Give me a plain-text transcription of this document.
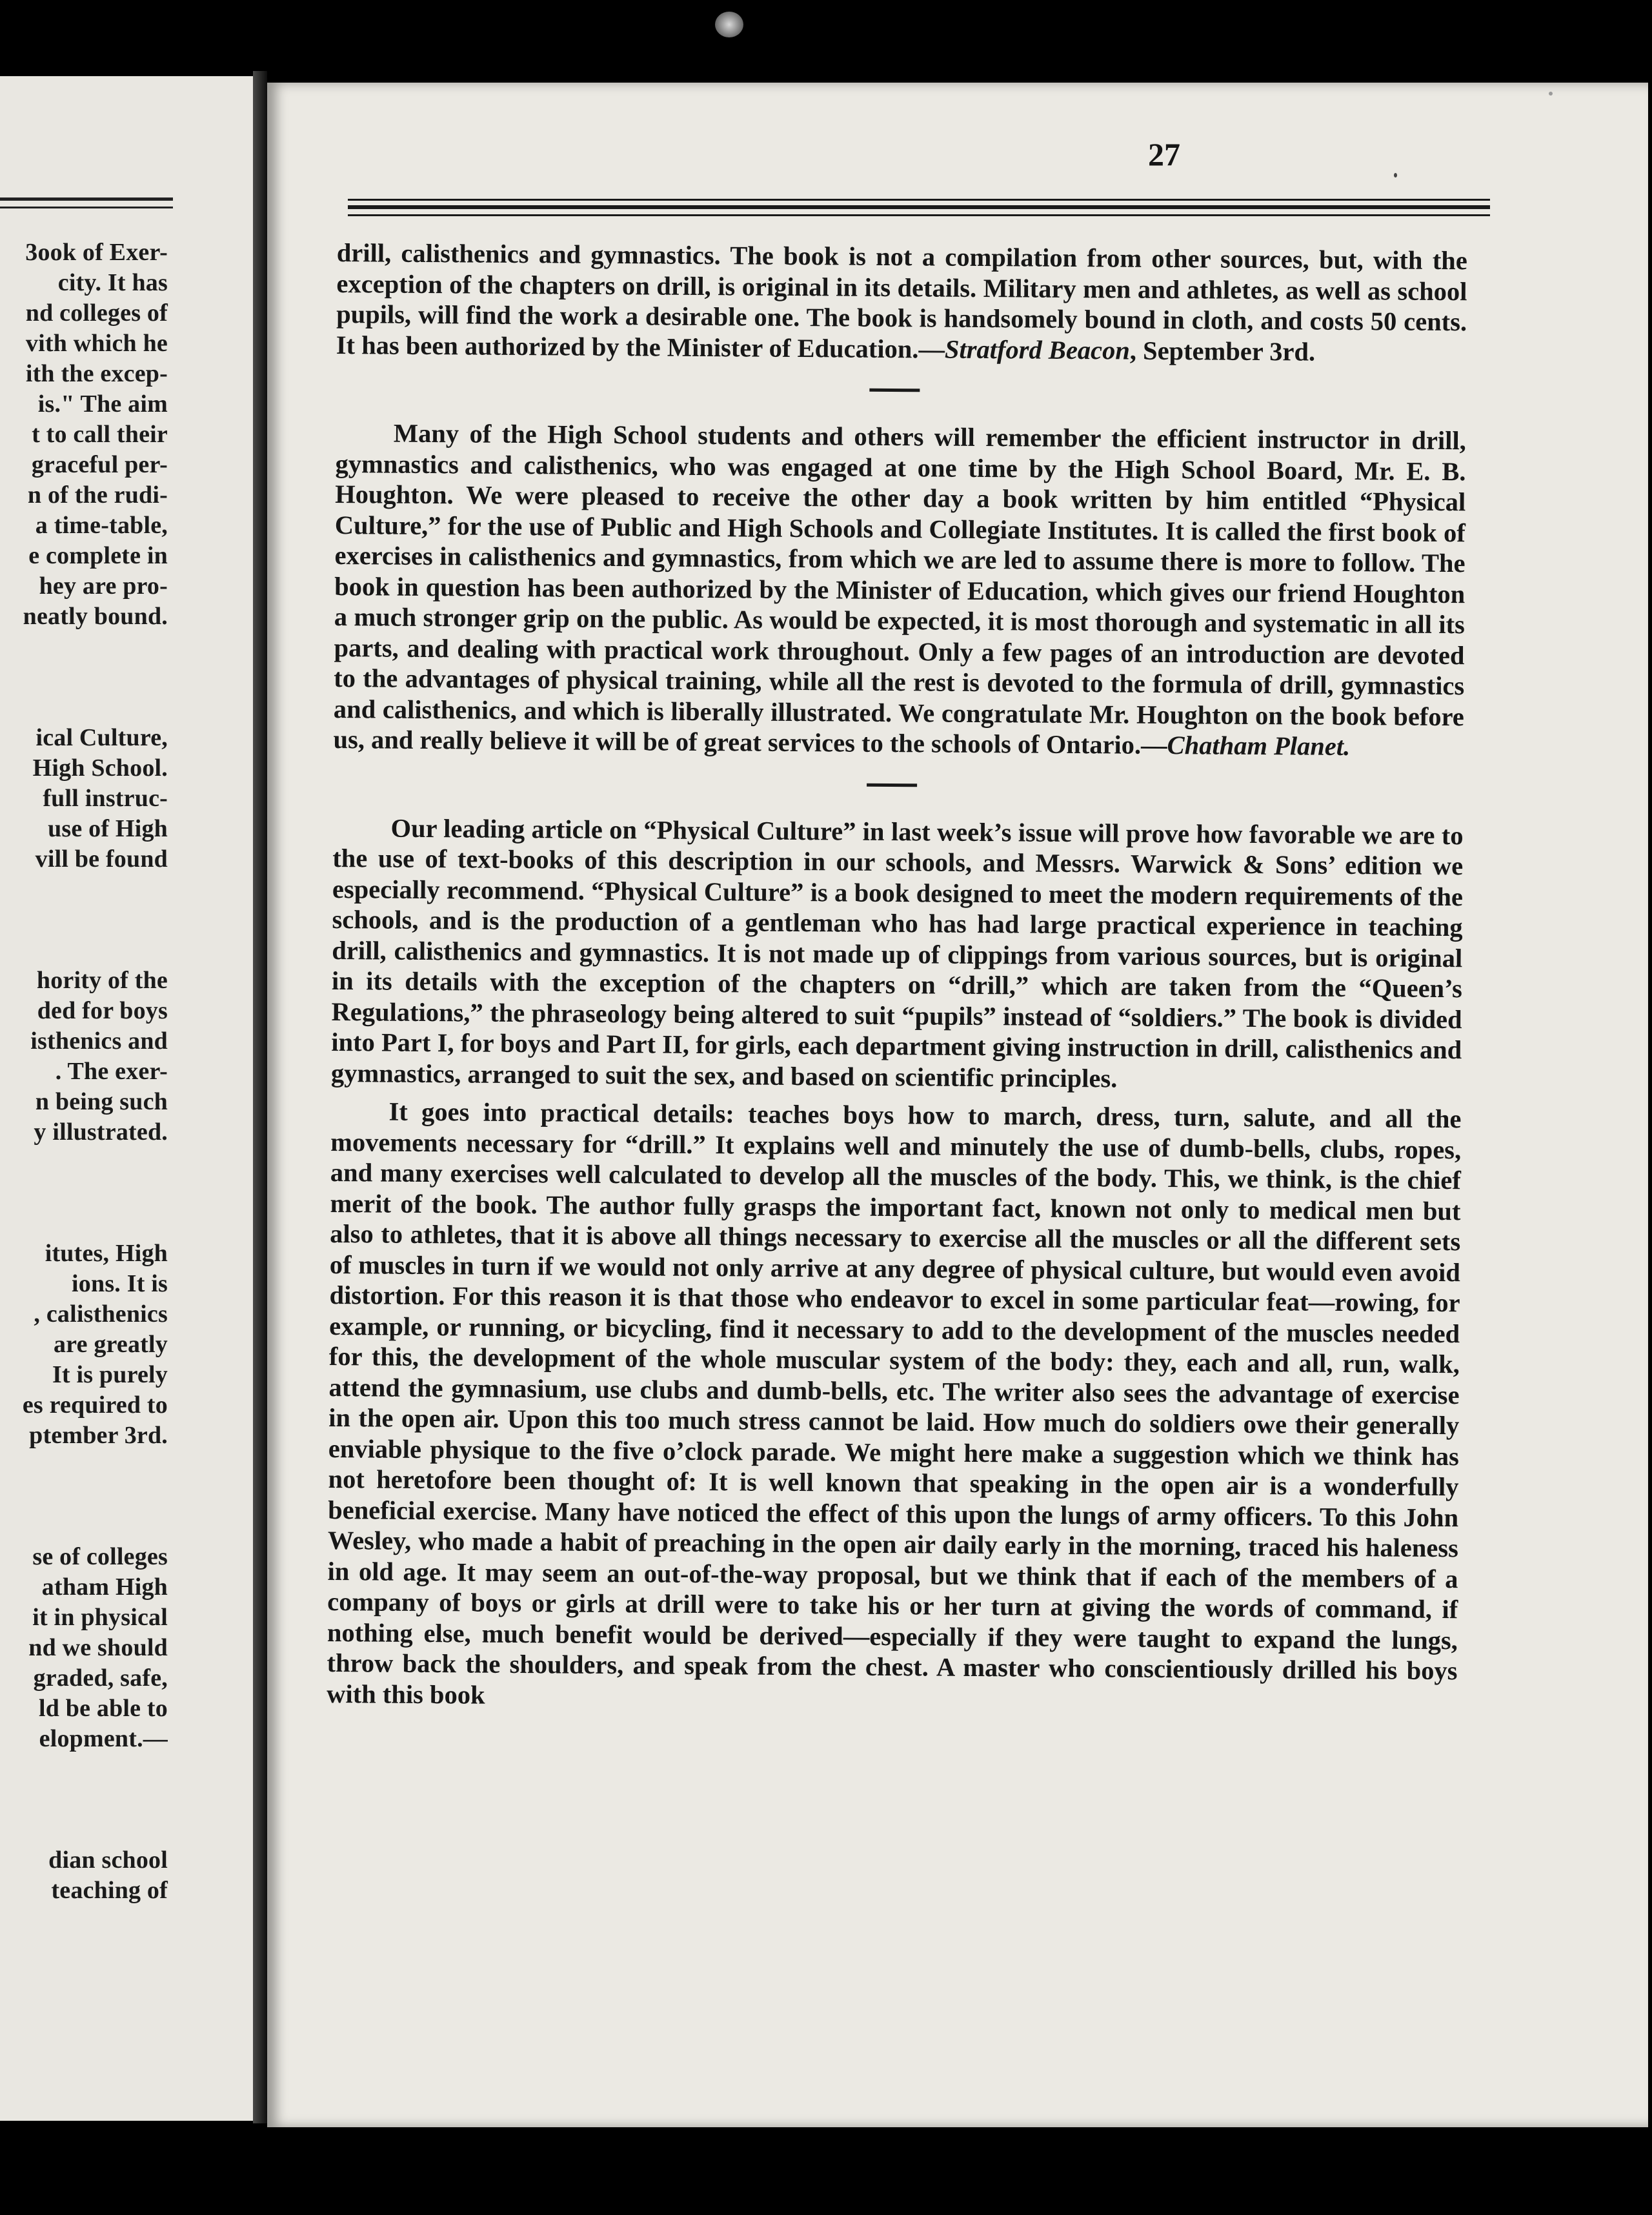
3ook of Exer-
city. It has
nd colleges of
vith which he
ith the excep-
is." The aim
t to call their
graceful per-
n of the rudi-
a time-table,
e complete in
hey are pro-
neatly bound.
ical Culture,
High School.
full instruc-
use of High
vill be found
hority of the
ded for boys
isthenics and
. The exer-
n being such
y illustrated.
itutes, High
ions. It is
, calisthenics
are greatly
It is purely
es required to
ptember 3rd.
se of colleges
atham High
it in physical
nd we should
graded, safe,
ld be able to
elopment.—
dian school
teaching of
27

drill, calisthenics and gymnastics. The book is not a compilation from other sources, but, with the exception of the chapters on drill, is original in its details. Military men and athletes, as well as school pupils, will find the work a desirable one. The book is handsomely bound in cloth, and costs 50 cents. It has been authorized by the Minister of Education.—Stratford Beacon, September 3rd.

Many of the High School students and others will remember the efficient instructor in drill, gymnastics and calisthenics, who was engaged at one time by the High School Board, Mr. E. B. Houghton. We were pleased to receive the other day a book written by him entitled “Physical Culture,” for the use of Public and High Schools and Collegiate Institutes. It is called the first book of exercises in calisthenics and gymnastics, from which we are led to assume there is more to follow. The book in question has been authorized by the Minister of Education, which gives our friend Houghton a much stronger grip on the public. As would be expected, it is most thorough and systematic in all its parts, and dealing with practical work throughout. Only a few pages of an introduction are devoted to the advantages of physical training, while all the rest is devoted to the formula of drill, gymnastics and calisthenics, and which is liberally illustrated. We congratulate Mr. Houghton on the book before us, and really believe it will be of great services to the schools of Ontario.—Chatham Planet.

Our leading article on “Physical Culture” in last week’s issue will prove how favorable we are to the use of text-books of this description in our schools, and Messrs. Warwick & Sons’ edition we especially recommend. “Physical Culture” is a book designed to meet the modern requirements of the schools, and is the production of a gentleman who has had large practical experience in teaching drill, calisthenics and gymnastics. It is not made up of clippings from various sources, but is original in its details with the exception of the chapters on “drill,” which are taken from the “Queen’s Regulations,” the phraseology being altered to suit “pupils” instead of “soldiers.” The book is divided into Part I, for boys and Part II, for girls, each department giving instruction in drill, calisthenics and gymnastics, arranged to suit the sex, and based on scientific principles.

It goes into practical details: teaches boys how to march, dress, turn, salute, and all the movements necessary for “drill.” It explains well and minutely the use of dumb-bells, clubs, ropes, and many exercises well calculated to develop all the muscles of the body. This, we think, is the chief merit of the book. The author fully grasps the important fact, known not only to medical men but also to athletes, that it is above all things necessary to exercise all the muscles or all the different sets of muscles in turn if we would not only arrive at any degree of physical culture, but would even avoid distortion. For this reason it is that those who endeavor to excel in some particular feat—rowing, for example, or running, or bicycling, find it necessary to add to the development of the muscles needed for this, the development of the whole muscular system of the body: they, each and all, run, walk, attend the gymnasium, use clubs and dumb-bells, etc. The writer also sees the advantage of exercise in the open air. Upon this too much stress cannot be laid. How much do soldiers owe their generally enviable physique to the five o’clock parade. We might here make a suggestion which we think has not heretofore been thought of: It is well known that speaking in the open air is a wonderfully beneficial exercise. Many have noticed the effect of this upon the lungs of army officers. To this John Wesley, who made a habit of preaching in the open air daily early in the morning, traced his haleness in old age. It may seem an out-of-the-way proposal, but we think that if each of the members of a company of boys or girls at drill were to take his or her turn at giving the words of command, if nothing else, much benefit would be derived—especially if they were taught to expand the lungs, throw back the shoulders, and speak from the chest. A master who conscientiously drilled his boys with this book
